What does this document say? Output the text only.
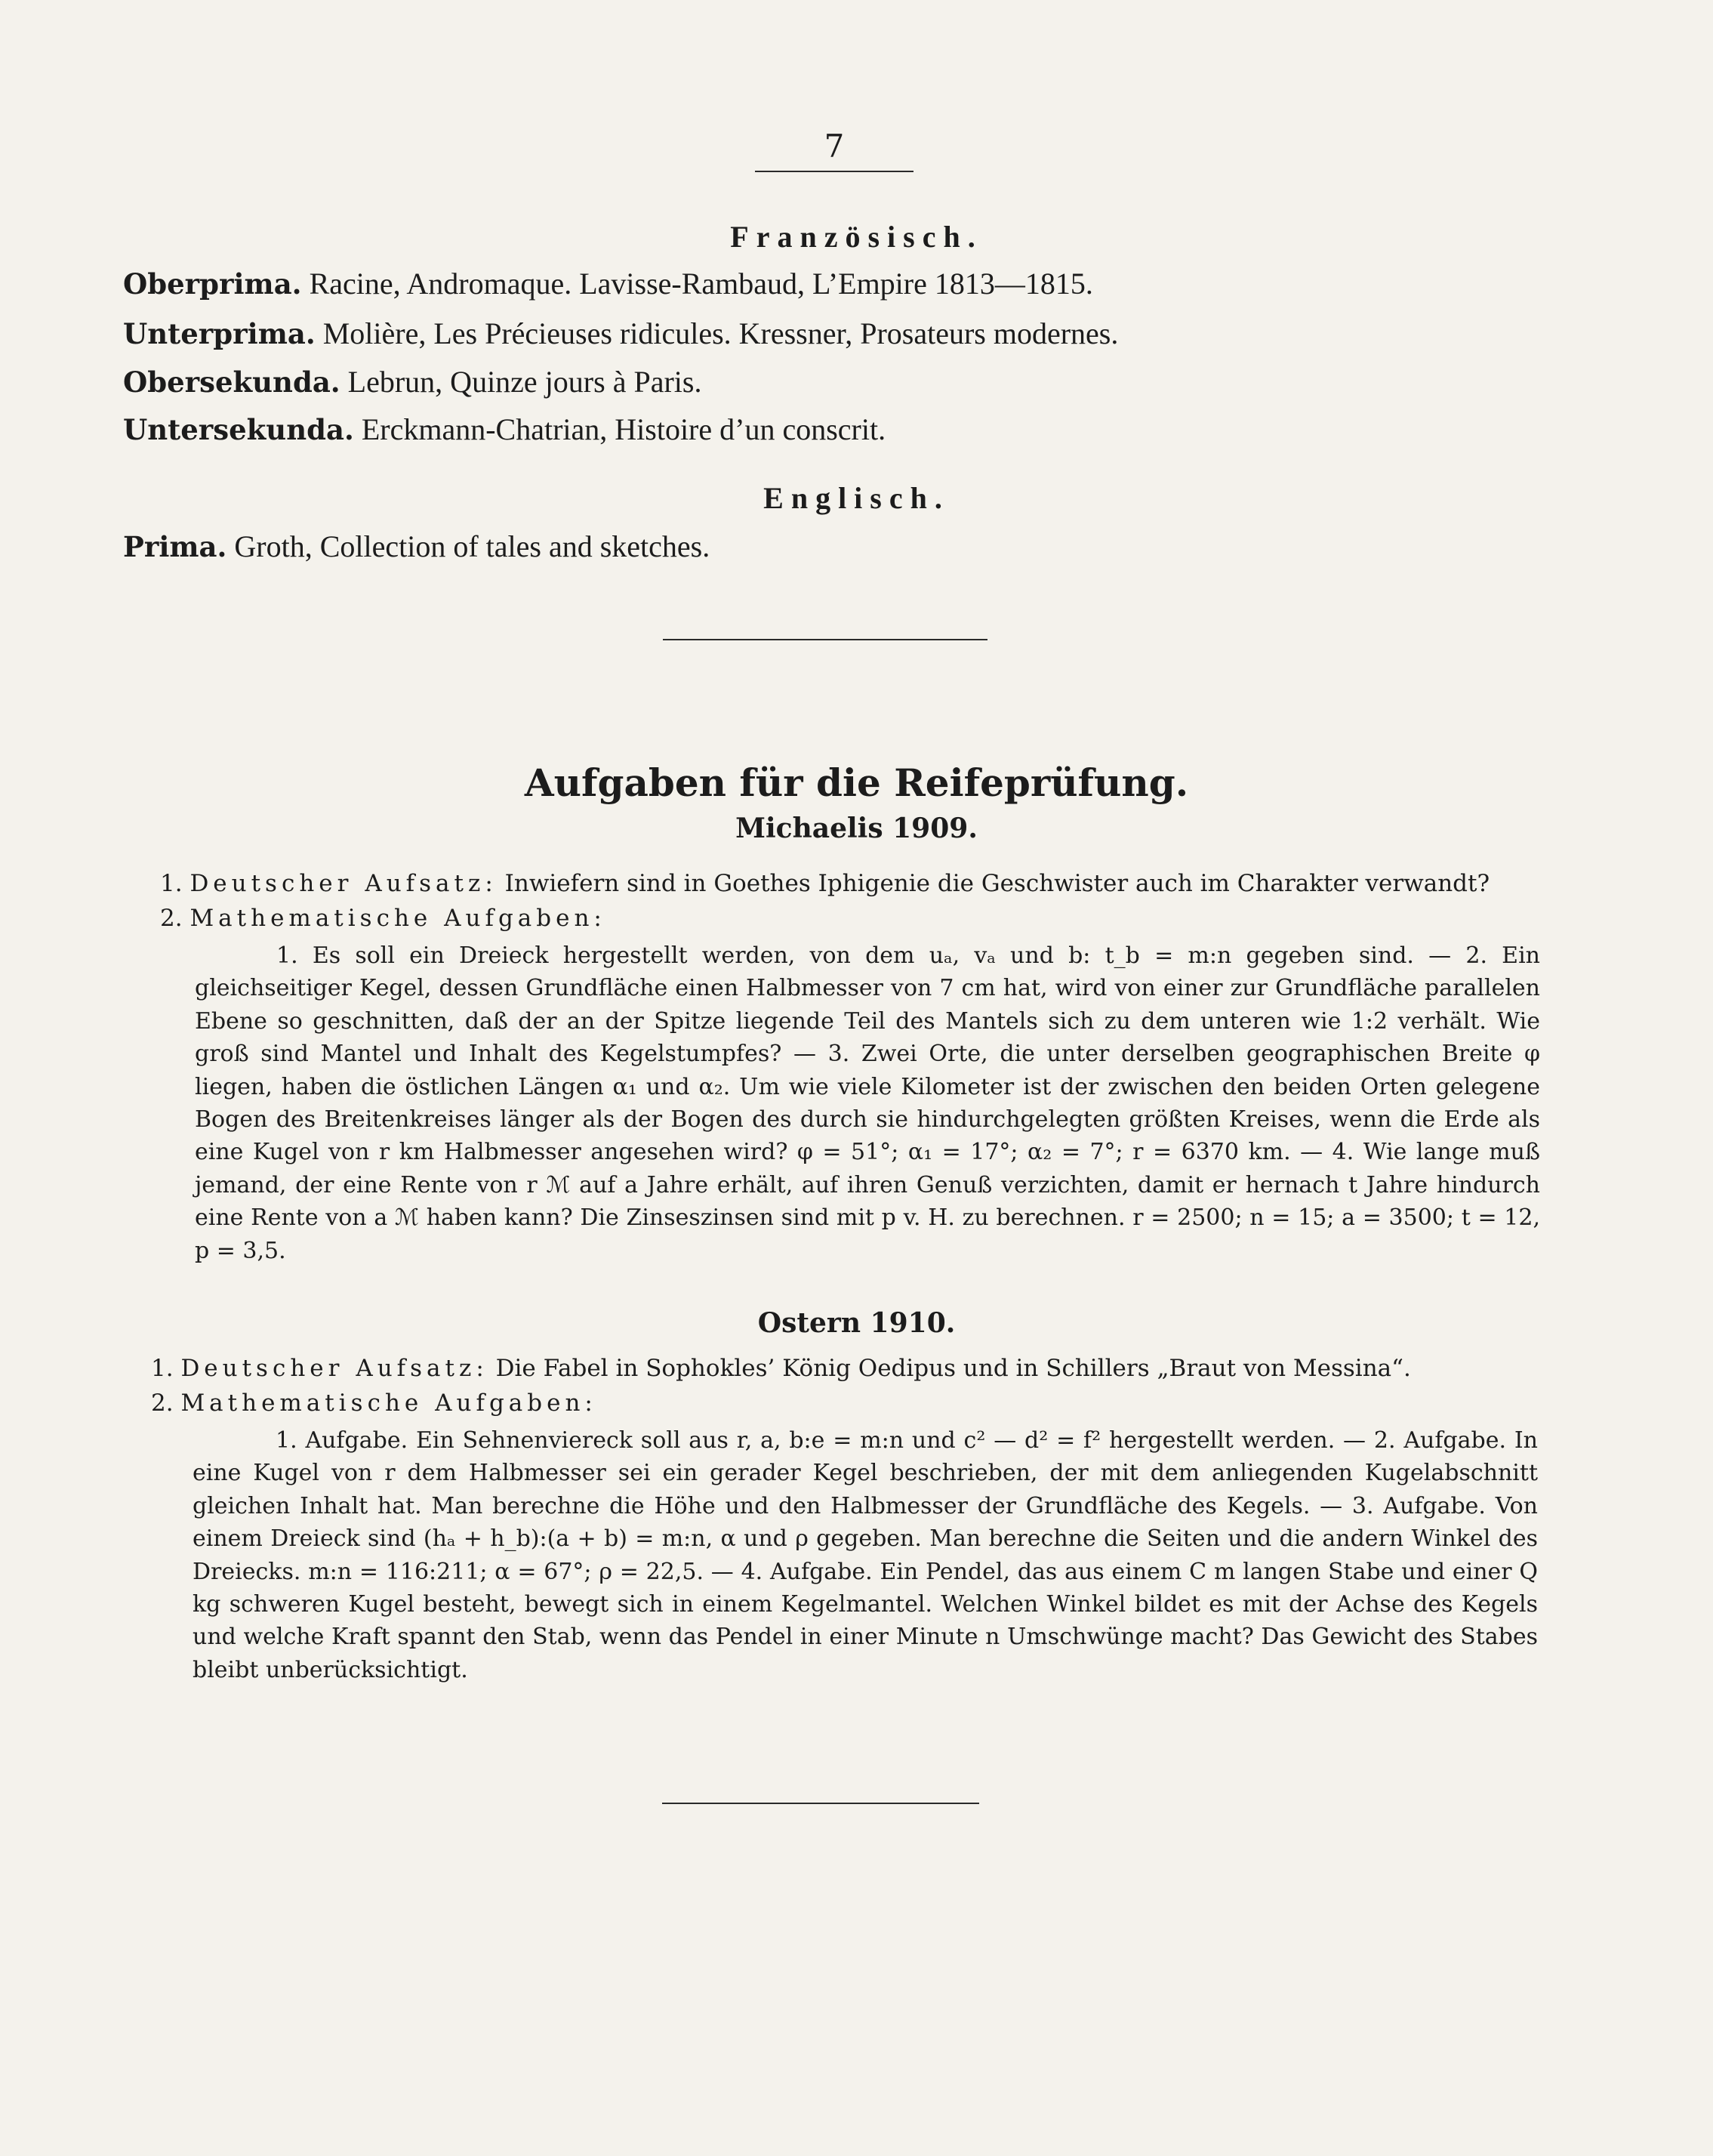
7
Französisch.
Oberprima. Racine, Andromaque. Lavisse-Rambaud, L’Empire 1813—1815.
Unterprima. Molière, Les Précieuses ridicules. Kressner, Prosateurs modernes.
Obersekunda. Lebrun, Quinze jours à Paris.
Untersekunda. Erckmann-Chatrian, Histoire d’un conscrit.
Englisch.
Prima. Groth, Collection of tales and sketches.
Aufgaben für die Reifeprüfung.
Michaelis 1909.
1. Deutscher Aufsatz: Inwiefern sind in Goethes Iphigenie die Geschwister auch im Charakter verwandt?
2. Mathematische Aufgaben:
1. Es soll ein Dreieck hergestellt werden, von dem uₐ, vₐ und b: t_b = m:n gegeben sind. — 2. Ein gleichseitiger Kegel, dessen Grundfläche einen Halbmesser von 7 cm hat, wird von einer zur Grundfläche parallelen Ebene so geschnitten, daß der an der Spitze liegende Teil des Mantels sich zu dem unteren wie 1:2 verhält. Wie groß sind Mantel und Inhalt des Kegelstumpfes? — 3. Zwei Orte, die unter derselben geographischen Breite φ liegen, haben die östlichen Längen α₁ und α₂. Um wie viele Kilometer ist der zwischen den beiden Orten gelegene Bogen des Breitenkreises länger als der Bogen des durch sie hindurchgelegten größten Kreises, wenn die Erde als eine Kugel von r km Halbmesser angesehen wird? φ = 51°; α₁ = 17°; α₂ = 7°; r = 6370 km. — 4. Wie lange muß jemand, der eine Rente von r ℳ auf a Jahre erhält, auf ihren Genuß verzichten, damit er hernach t Jahre hindurch eine Rente von a ℳ haben kann? Die Zinseszinsen sind mit p v. H. zu berechnen. r = 2500; n = 15; a = 3500; t = 12, p = 3,5.
Ostern 1910.
1. Deutscher Aufsatz: Die Fabel in Sophokles’ König Oedipus und in Schillers „Braut von Messina“.
2. Mathematische Aufgaben:
1. Aufgabe. Ein Sehnenviereck soll aus r, a, b:e = m:n und c² — d² = f² hergestellt werden. — 2. Aufgabe. In eine Kugel von r dem Halbmesser sei ein gerader Kegel beschrieben, der mit dem anliegenden Kugelabschnitt gleichen Inhalt hat. Man berechne die Höhe und den Halbmesser der Grundfläche des Kegels. — 3. Aufgabe. Von einem Dreieck sind (hₐ + h_b):(a + b) = m:n, α und ρ gegeben. Man berechne die Seiten und die andern Winkel des Dreiecks. m:n = 116:211; α = 67°; ρ = 22,5. — 4. Aufgabe. Ein Pendel, das aus einem C m langen Stabe und einer Q kg schweren Kugel besteht, bewegt sich in einem Kegelmantel. Welchen Winkel bildet es mit der Achse des Kegels und welche Kraft spannt den Stab, wenn das Pendel in einer Minute n Umschwünge macht? Das Gewicht des Stabes bleibt unberücksichtigt.
